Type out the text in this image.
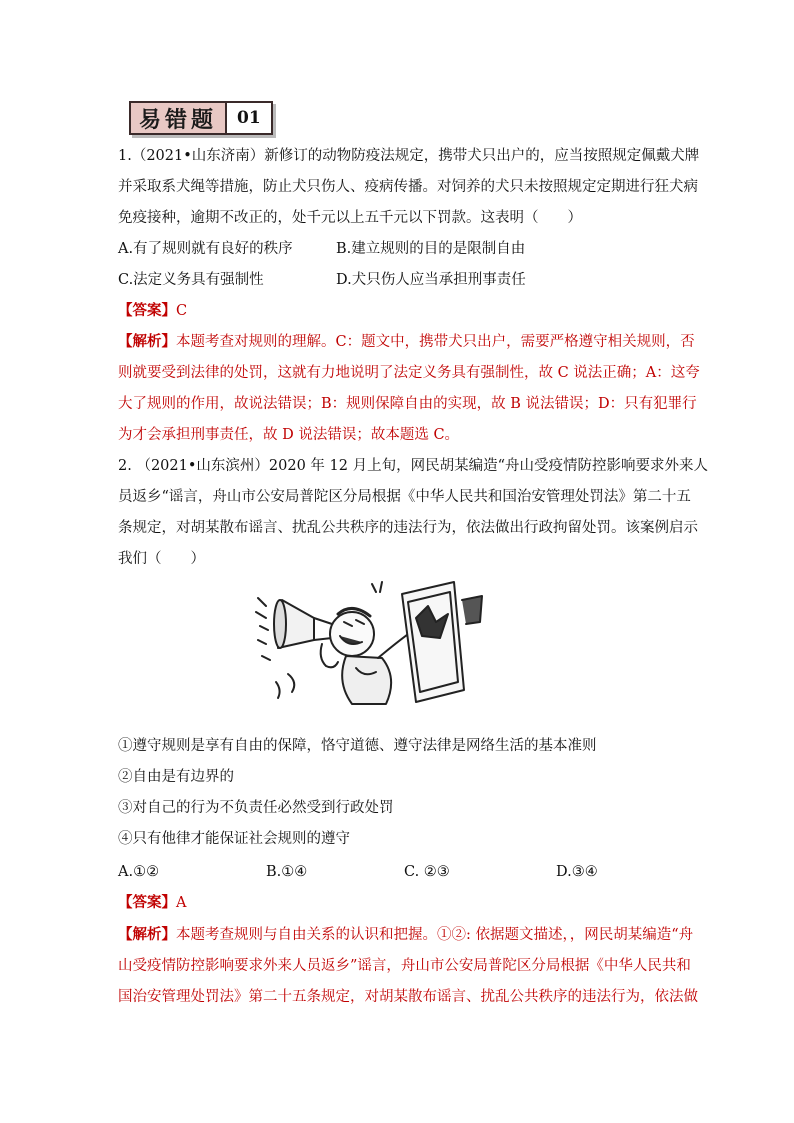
易错题	01
1.（2021•山东济南）新修订的动物防疫法规定，携带犬只出户的，应当按照规定佩戴犬牌
并采取系犬绳等措施，防止犬只伤人、疫病传播。对饲养的犬只未按照规定定期进行狂犬病
免疫接种，逾期不改正的，处千元以上五千元以下罚款。这表明（　　）
A.有了规则就有良好的秩序	B.建立规则的目的是限制自由
C.法定义务具有强制性	D.犬只伤人应当承担刑事责任
【答案】C
【解析】本题考查对规则的理解。C：题文中，携带犬只出户，需要严格遵守相关规则，否
则就要受到法律的处罚，这就有力地说明了法定义务具有强制性，故 C 说法正确；A：这夸
大了规则的作用，故说法错误；B：规则保障自由的实现，故 B 说法错误；D：只有犯罪行
为才会承担刑事责任，故 D 说法错误；故本题选 C。
2. （2021•山东滨州）2020 年 12 月上旬，网民胡某编造“舟山受疫情防控影响要求外来人
员返乡“谣言，舟山市公安局普陀区分局根据《中华人民共和国治安管理处罚法》第二十五
条规定，对胡某散布谣言、扰乱公共秩序的违法行为，依法做出行政拘留处罚。该案例启示
我们（　　）
①遵守规则是享有自由的保障，恪守道德、遵守法律是网络生活的基本准则
②自由是有边界的
③对自己的行为不负责任必然受到行政处罚
④只有他律才能保证社会规则的遵守
A.①②	B.①④	C. ②③	D.③④
【答案】A
【解析】本题考查规则与自由关系的认识和把握。①②: 依据题文描述，，网民胡某编造“舟
山受疫情防控影响要求外来人员返乡”谣言，舟山市公安局普陀区分局根据《中华人民共和
国治安管理处罚法》第二十五条规定，对胡某散布谣言、扰乱公共秩序的违法行为，依法做
